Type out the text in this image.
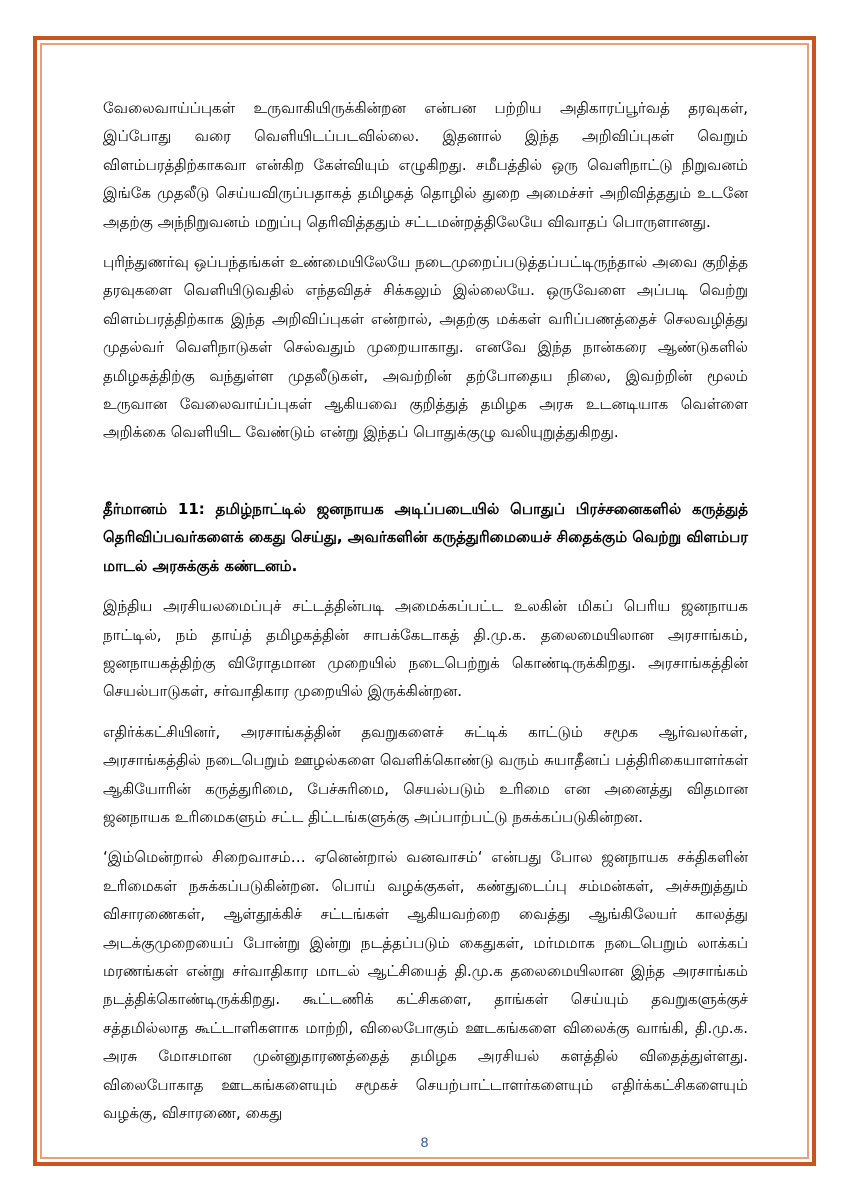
வேலைவாய்ப்புகள் உருவாகியிருக்கின்றன என்பன பற்றிய அதிகாரப்பூர்வத் தரவுகள், இப்போது வரை வெளியிடப்படவில்லை. இதனால் இந்த அறிவிப்புகள் வெறும் விளம்பரத்திற்காகவா என்கிற கேள்வியும் எழுகிறது. சமீபத்தில் ஒரு வெளிநாட்டு நிறுவனம் இங்கே முதலீடு செய்யவிருப்பதாகத் தமிழகத் தொழில் துறை அமைச்சர் அறிவித்ததும் உடனே அதற்கு அந்நிறுவனம் மறுப்பு தெரிவித்ததும் சட்டமன்றத்திலேயே விவாதப் பொருளானது.

புரிந்துணர்வு ஒப்பந்தங்கள் உண்மையிலேயே நடைமுறைப்படுத்தப்பட்டிருந்தால் அவை குறித்த தரவுகளை வெளியிடுவதில் எந்தவிதச் சிக்கலும் இல்லையே. ஒருவேளை அப்படி வெற்று விளம்பரத்திற்காக இந்த அறிவிப்புகள் என்றால், அதற்கு மக்கள் வரிப்பணத்தைச் செலவழித்து முதல்வர் வெளிநாடுகள் செல்வதும் முறையாகாது. எனவே இந்த நான்கரை ஆண்டுகளில் தமிழகத்திற்கு வந்துள்ள முதலீடுகள், அவற்றின் தற்போதைய நிலை, இவற்றின் மூலம் உருவான வேலைவாய்ப்புகள் ஆகியவை குறித்துத் தமிழக அரசு உடனடியாக வெள்ளை அறிக்கை வெளியிட வேண்டும் என்று இந்தப் பொதுக்குழு வலியுறுத்துகிறது.

தீர்மானம் 11: தமிழ்நாட்டில் ஜனநாயக அடிப்படையில் பொதுப் பிரச்சனைகளில் கருத்துத் தெரிவிப்பவர்களைக் கைது செய்து, அவர்களின் கருத்துரிமையைச் சிதைக்கும் வெற்று விளம்பர மாடல் அரசுக்குக் கண்டனம்.

இந்திய அரசியலமைப்புச் சட்டத்தின்படி அமைக்கப்பட்ட உலகின் மிகப் பெரிய ஜனநாயக நாட்டில், நம் தாய்த் தமிழகத்தின் சாபக்கேடாகத் தி.மு.க. தலைமையிலான அரசாங்கம், ஜனநாயகத்திற்கு விரோதமான முறையில் நடைபெற்றுக் கொண்டிருக்கிறது. அரசாங்கத்தின் செயல்பாடுகள், சர்வாதிகார முறையில் இருக்கின்றன.

எதிர்க்கட்சியினர், அரசாங்கத்தின் தவறுகளைச் சுட்டிக் காட்டும் சமூக ஆர்வலர்கள், அரசாங்கத்தில் நடைபெறும் ஊழல்களை வெளிக்கொண்டு வரும் சுயாதீனப் பத்திரிகையாளர்கள் ஆகியோரின் கருத்துரிமை, பேச்சுரிமை, செயல்படும் உரிமை என அனைத்து விதமான ஜனநாயக உரிமைகளும் சட்ட திட்டங்களுக்கு அப்பாற்பட்டு நசுக்கப்படுகின்றன.

‘இம்மென்றால் சிறைவாசம்… ஏனென்றால் வனவாசம்‘ என்பது போல ஜனநாயக சக்திகளின் உரிமைகள் நசுக்கப்படுகின்றன. பொய் வழக்குகள், கண்துடைப்பு சம்மன்கள், அச்சுறுத்தும் விசாரணைகள், ஆள்தூக்கிச் சட்டங்கள் ஆகியவற்றை வைத்து ஆங்கிலேயர் காலத்து அடக்குமுறையைப் போன்று இன்று நடத்தப்படும் கைதுகள், மர்மமாக நடைபெறும் லாக்கப் மரணங்கள் என்று சர்வாதிகார மாடல் ஆட்சியைத் தி.மு.க தலைமையிலான இந்த அரசாங்கம் நடத்திக்கொண்டிருக்கிறது. கூட்டணிக் கட்சிகளை, தாங்கள் செய்யும் தவறுகளுக்குச் சத்தமில்லாத கூட்டாளிகளாக மாற்றி, விலைபோகும் ஊடகங்களை விலைக்கு வாங்கி, தி.மு.க. அரசு மோசமான முன்னுதாரணத்தைத் தமிழக அரசியல் களத்தில் விதைத்துள்ளது. விலைபோகாத ஊடகங்களையும் சமூகச் செயற்பாட்டாளர்களையும் எதிர்க்கட்சிகளையும் வழக்கு, விசாரணை, கைது

8
